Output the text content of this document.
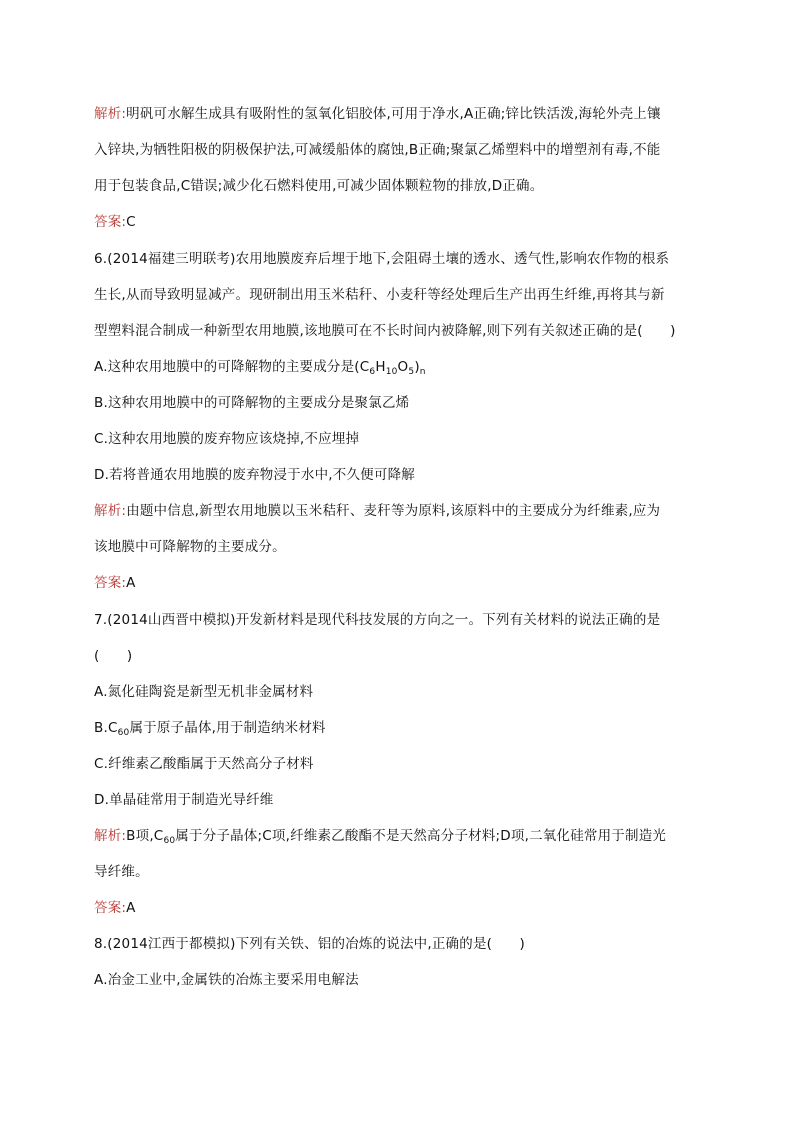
解析:明矾可水解生成具有吸附性的氢氧化铝胶体,可用于净水,A正确;锌比铁活泼,海轮外壳上镶
入锌块,为牺牲阳极的阴极保护法,可减缓船体的腐蚀,B正确;聚氯乙烯塑料中的增塑剂有毒,不能
用于包装食品,C错误;减少化石燃料使用,可减少固体颗粒物的排放,D正确。
答案:C
6.(2014福建三明联考)农用地膜废弃后埋于地下,会阻碍土壤的透水、透气性,影响农作物的根系
生长,从而导致明显减产。现研制出用玉米秸秆、小麦秆等经处理后生产出再生纤维,再将其与新
型塑料混合制成一种新型农用地膜,该地膜可在不长时间内被降解,则下列有关叙述正确的是(　　)
A.这种农用地膜中的可降解物的主要成分是$(C_6H_{10}O_5)_n$
B.这种农用地膜中的可降解物的主要成分是聚氯乙烯
C.这种农用地膜的废弃物应该烧掉,不应埋掉
D.若将普通农用地膜的废弃物浸于水中,不久便可降解
解析:由题中信息,新型农用地膜以玉米秸秆、麦秆等为原料,该原料中的主要成分为纤维素,应为
该地膜中可降解物的主要成分。
答案:A
7.(2014山西晋中模拟)开发新材料是现代科技发展的方向之一。下列有关材料的说法正确的是
(　　)
A.氮化硅陶瓷是新型无机非金属材料
$B.C_{60}$属于原子晶体,用于制造纳米材料
C.纤维素乙酸酯属于天然高分子材料
D.单晶硅常用于制造光导纤维
解析:B项$,C_{60}$属于分子晶体;C项,纤维素乙酸酯不是天然高分子材料;D项,二氧化硅常用于制造光
导纤维。
答案:A
8.(2014江西于都模拟)下列有关铁、铝的冶炼的说法中,正确的是(　　)
A.冶金工业中,金属铁的冶炼主要采用电解法
